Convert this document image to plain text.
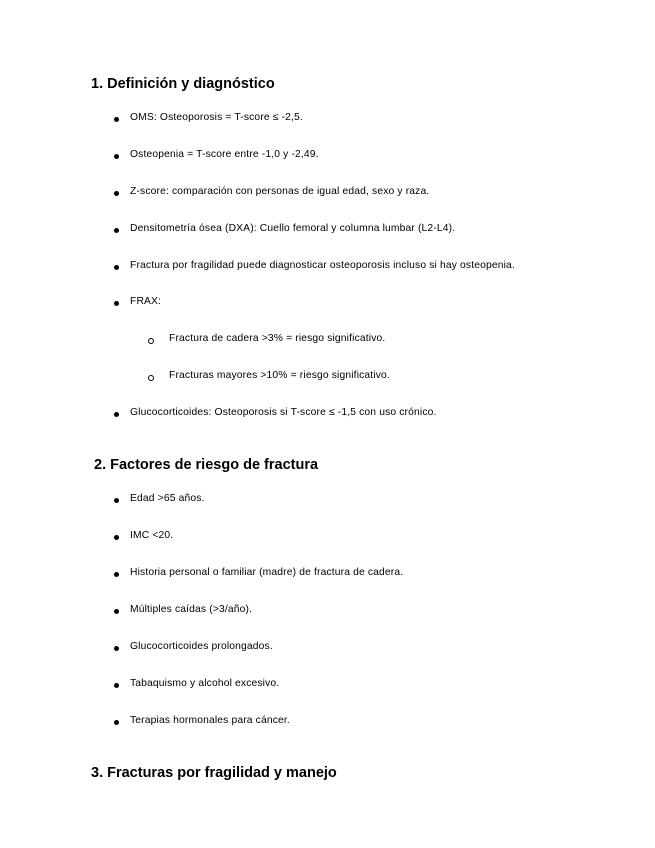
1. Definición y diagnóstico
OMS: Osteoporosis = T-score ≤ -2,5.
Osteopenia = T-score entre -1,0 y -2,49.
Z-score: comparación con personas de igual edad, sexo y raza.
Densitometría ósea (DXA): Cuello femoral y columna lumbar (L2-L4).
Fractura por fragilidad puede diagnosticar osteoporosis incluso si hay osteopenia.
FRAX:
Fractura de cadera >3% = riesgo significativo.
Fracturas mayores >10% = riesgo significativo.
Glucocorticoides: Osteoporosis si T-score ≤ -1,5 con uso crónico.
2. Factores de riesgo de fractura
Edad >65 años.
IMC <20.
Historia personal o familiar (madre) de fractura de cadera.
Múltiples caídas (>3/año).
Glucocorticoides prolongados.
Tabaquismo y alcohol excesivo.
Terapias hormonales para cáncer.
3. Fracturas por fragilidad y manejo
